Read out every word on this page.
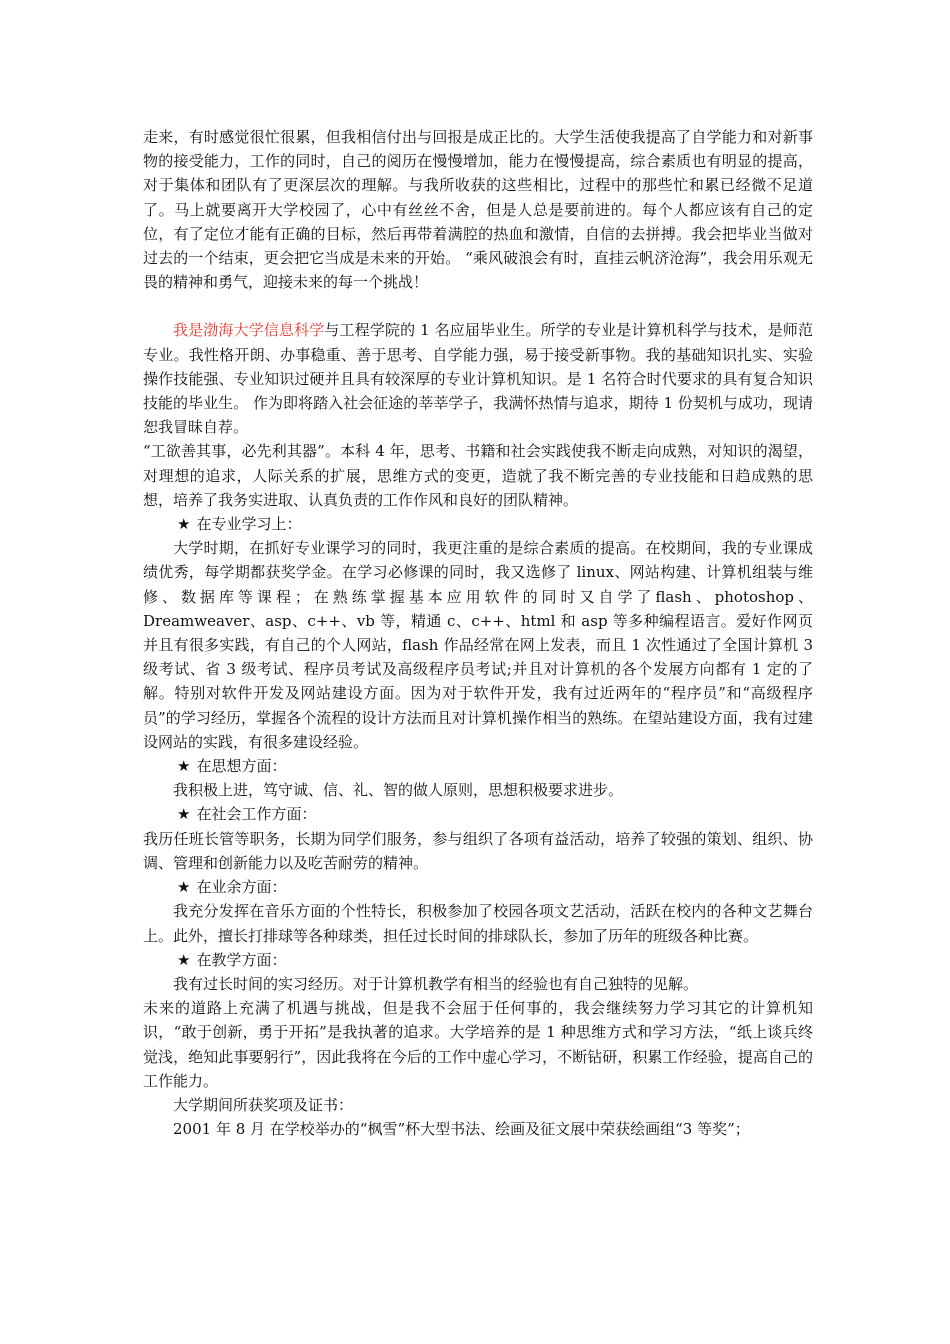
走来，有时感觉很忙很累，但我相信付出与回报是成正比的。大学生活使我提高了自学能力和对新事物的接受能力，工作的同时，自己的阅历在慢慢增加，能力在慢慢提高，综合素质也有明显的提高，对于集体和团队有了更深层次的理解。与我所收获的这些相比，过程中的那些忙和累已经微不足道了。马上就要离开大学校园了，心中有丝丝不舍，但是人总是要前进的。每个人都应该有自己的定位，有了定位才能有正确的目标，然后再带着满腔的热血和激情，自信的去拼搏。我会把毕业当做对过去的一个结束，更会把它当成是未来的开始。 “乘风破浪会有时，直挂云帆济沧海”，我会用乐观无畏的精神和勇气，迎接未来的每一个挑战！

我是渤海大学信息科学与工程学院的 1 名应届毕业生。所学的专业是计算机科学与技术，是师范专业。我性格开朗、办事稳重、善于思考、自学能力强，易于接受新事物。我的基础知识扎实、实验操作技能强、专业知识过硬并且具有较深厚的专业计算机知识。是 1 名符合时代要求的具有复合知识技能的毕业生。 作为即将踏入社会征途的莘莘学子，我满怀热情与追求，期待 1 份契机与成功，现请恕我冒昧自荐。

“工欲善其事，必先利其器”。本科 4 年，思考、书籍和社会实践使我不断走向成熟，对知识的渴望，对理想的追求，人际关系的扩展，思维方式的变更，造就了我不断完善的专业技能和日趋成熟的思想，培养了我务实进取、认真负责的工作作风和良好的团队精神。

★ 在专业学习上：

大学时期，在抓好专业课学习的同时，我更注重的是综合素质的提高。在校期间，我的专业课成绩优秀，每学期都获奖学金。在学习必修课的同时，我又选修了 linux、网站构建、计算机组装与维修、数据库等课程；在熟练掌握基本应用软件的同时又自学了flash、photoshop、Dreamweaver、asp、c++、vb 等，精通 c、c++、html 和 asp 等多种编程语言。爱好作网页并且有很多实践，有自己的个人网站，flash 作品经常在网上发表，而且 1 次性通过了全国计算机 3 级考试、省 3 级考试、程序员考试及高级程序员考试;并且对计算机的各个发展方向都有 1 定的了解。特别对软件开发及网站建设方面。因为对于软件开发，我有过近两年的“程序员”和“高级程序员”的学习经历，掌握各个流程的设计方法而且对计算机操作相当的熟练。在望站建设方面，我有过建设网站的实践，有很多建设经验。

★ 在思想方面：

我积极上进，笃守诚、信、礼、智的做人原则，思想积极要求进步。

★ 在社会工作方面：

我历任班长管等职务，长期为同学们服务，参与组织了各项有益活动，培养了较强的策划、组织、协调、管理和创新能力以及吃苦耐劳的精神。

★ 在业余方面：

我充分发挥在音乐方面的个性特长，积极参加了校园各项文艺活动，活跃在校内的各种文艺舞台上。此外，擅长打排球等各种球类，担任过长时间的排球队长，参加了历年的班级各种比赛。

★ 在教学方面：

我有过长时间的实习经历。对于计算机教学有相当的经验也有自己独特的见解。

未来的道路上充满了机遇与挑战，但是我不会屈于任何事的，我会继续努力学习其它的计算机知识，“敢于创新，勇于开拓”是我执著的追求。大学培养的是 1 种思维方式和学习方法，“纸上谈兵终觉浅，绝知此事要躬行”，因此我将在今后的工作中虚心学习，不断钻研，积累工作经验，提高自己的工作能力。

大学期间所获奖项及证书：

2001 年 8 月 在学校举办的“枫雪”杯大型书法、绘画及征文展中荣获绘画组“3 等奖”；
